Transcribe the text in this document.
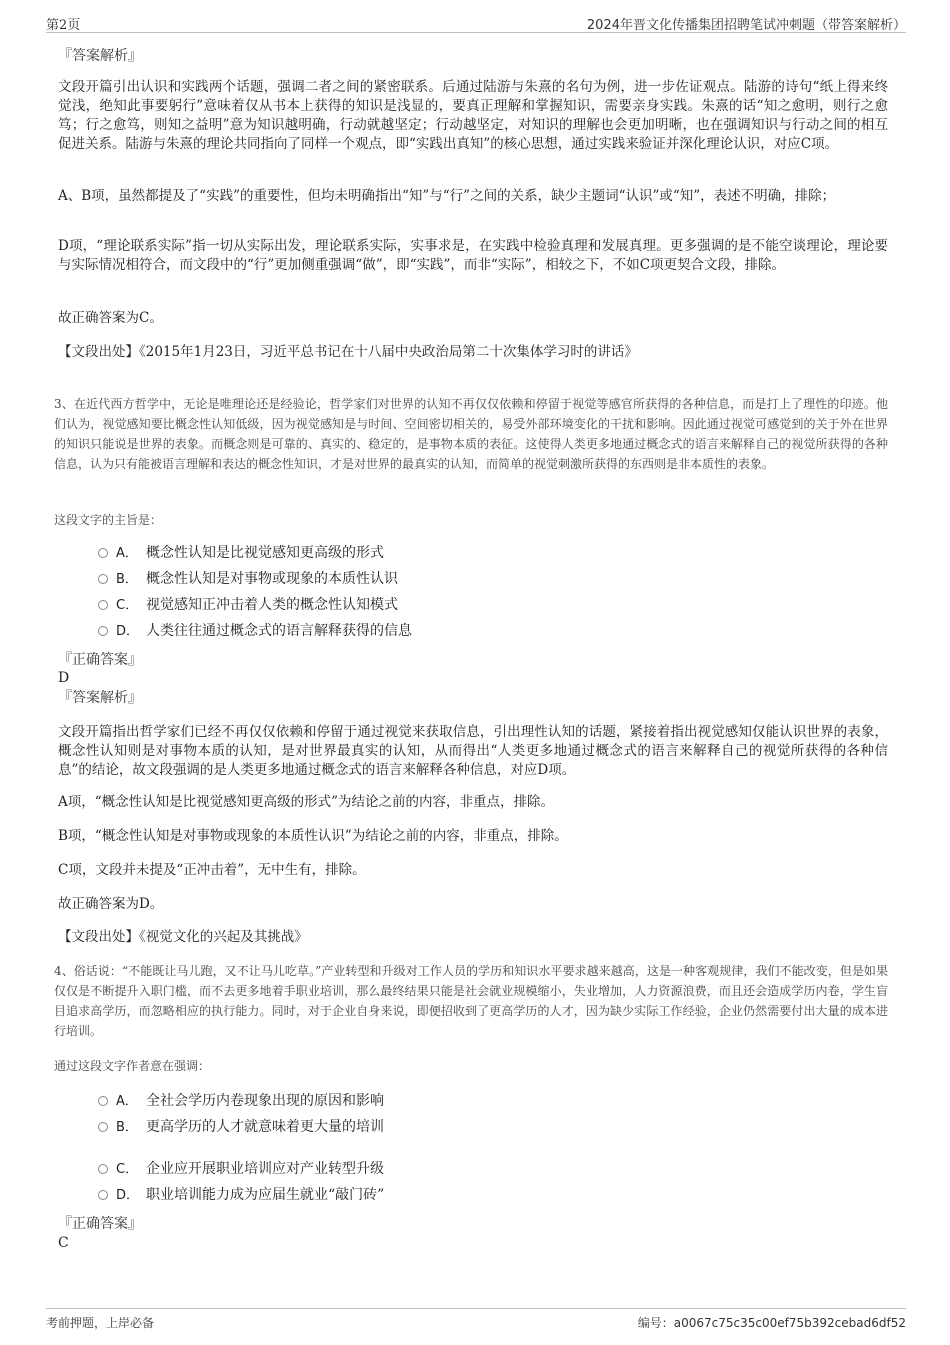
第2页	2024年晋文化传播集团招聘笔试冲刺题（带答案解析）
『答案解析』
文段开篇引出认识和实践两个话题，强调二者之间的紧密联系。后通过陆游与朱熹的名句为例，进一步佐证观点。陆游的诗句“纸上得来终觉浅，绝知此事要躬行”意味着仅从书本上获得的知识是浅显的，要真正理解和掌握知识，需要亲身实践。朱熹的话“知之愈明，则行之愈笃；行之愈笃，则知之益明”意为知识越明确，行动就越坚定；行动越坚定，对知识的理解也会更加明晰，也在强调知识与行动之间的相互促进关系。陆游与朱熹的理论共同指向了同样一个观点，即“实践出真知”的核心思想，通过实践来验证并深化理论认识，对应C项。
A、B项，虽然都提及了“实践”的重要性，但均未明确指出“知”与“行”之间的关系，缺少主题词“认识”或“知”，表述不明确，排除；
D项，“理论联系实际”指一切从实际出发，理论联系实际，实事求是，在实践中检验真理和发展真理。更多强调的是不能空谈理论，理论要与实际情况相符合，而文段中的“行”更加侧重强调“做”，即“实践”，而非“实际”，相较之下，不如C项更契合文段，排除。
故正确答案为C。
【文段出处】《2015年1月23日，习近平总书记在十八届中央政治局第二十次集体学习时的讲话》
3、在近代西方哲学中，无论是唯理论还是经验论，哲学家们对世界的认知不再仅仅依赖和停留于视觉等感官所获得的各种信息，而是打上了理性的印迹。他们认为，视觉感知要比概念性认知低级，因为视觉感知是与时间、空间密切相关的，易受外部环境变化的干扰和影响。因此通过视觉可感觉到的关于外在世界的知识只能说是世界的表象。而概念则是可靠的、真实的、稳定的，是事物本质的表征。这使得人类更多地通过概念式的语言来解释自己的视觉所获得的各种信息，认为只有能被语言理解和表达的概念性知识，才是对世界的最真实的认知，而简单的视觉刺激所获得的东西则是非本质性的表象。
这段文字的主旨是：
A． 概念性认知是比视觉感知更高级的形式
B． 概念性认知是对事物或现象的本质性认识
C． 视觉感知正冲击着人类的概念性认知模式
D． 人类往往通过概念式的语言解释获得的信息
『正确答案』
D
『答案解析』
文段开篇指出哲学家们已经不再仅仅依赖和停留于通过视觉来获取信息，引出理性认知的话题，紧接着指出视觉感知仅能认识世界的表象，概念性认知则是对事物本质的认知，是对世界最真实的认知，从而得出“人类更多地通过概念式的语言来解释自己的视觉所获得的各种信息”的结论，故文段强调的是人类更多地通过概念式的语言来解释各种信息，对应D项。
A项，“概念性认知是比视觉感知更高级的形式”为结论之前的内容，非重点，排除。
B项，“概念性认知是对事物或现象的本质性认识”为结论之前的内容，非重点，排除。
C项，文段并未提及“正冲击着”，无中生有，排除。
故正确答案为D。
【文段出处】《视觉文化的兴起及其挑战》
4、俗话说：“不能既让马儿跑，又不让马儿吃草。”产业转型和升级对工作人员的学历和知识水平要求越来越高，这是一种客观规律，我们不能改变，但是如果仅仅是不断提升入职门槛，而不去更多地着手职业培训，那么最终结果只能是社会就业规模缩小，失业增加，人力资源浪费，而且还会造成学历内卷，学生盲目追求高学历，而忽略相应的执行能力。同时，对于企业自身来说，即便招收到了更高学历的人才，因为缺少实际工作经验，企业仍然需要付出大量的成本进行培训。
通过这段文字作者意在强调：
A． 全社会学历内卷现象出现的原因和影响
B． 更高学历的人才就意味着更大量的培训
C． 企业应开展职业培训应对产业转型升级
D． 职业培训能力成为应届生就业“敲门砖”
『正确答案』
C
考前押题，上岸必备	编号：a0067c75c35c00ef75b392cebad6df52
